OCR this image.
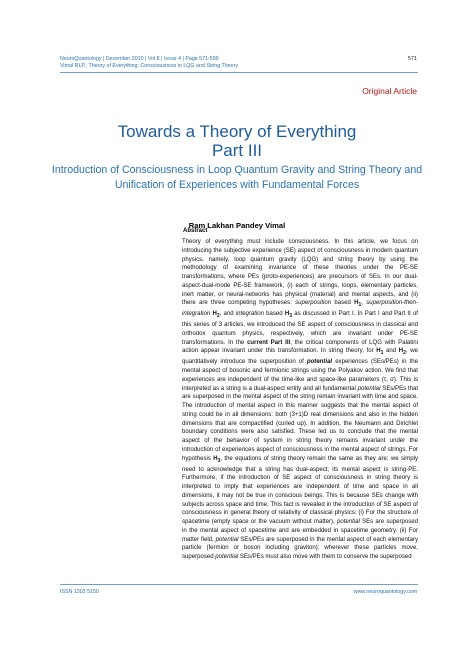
NeuroQuantology | December 2010 | Vol 8 | Issue 4 | Page 571-599
Vimal RLP., Theory of Everything: Consciousness in LQG and String Theory
571
Original Article
Towards a Theory of Everything
Part III
Introduction of Consciousness in Loop Quantum Gravity and String Theory and Unification of Experiences with Fundamental Forces
Ram Lakhan Pandey Vimal
Abstract

Theory of everything must include consciousness. In this article, we focus on introducing the subjective experience (SE) aspect of consciousness in modern quantum physics, namely, loop quantum gravity (LQG) and string theory by using the methodology of examining invariance of these theories under the PE-SE transformations, where PEs (proto-experiences) are precursors of SEs. In our dual-aspect-dual-mode PE-SE framework, (i) each of strings, loops, elementary particles, inert matter, or neural-networks has physical (material) and mental aspects, and (ii) there are three competing hypotheses: superposition based $H_1$, superposition-then-integration $H_2$, and integration based $H_3$ as discussed in Part I. In Part I and Part II of this series of 3 articles, we introduced the SE aspect of consciousness in classical and orthodox quantum physics, respectively, which are invariant under PE-SE transformations. In the current Part III, the critical components of LQG with Palatini action appear invariant under this transformation. In string theory, for $H_1$ and $H_2$, we quantitatively introduce the superposition of potential experiences (SEs/PEs) in the mental aspect of bosonic and fermionic strings using the Polyakov action. We find that experiences are independent of the time-like and space-like parameters (τ, σ). This is interpreted as a string is a dual-aspect entity and all fundamental potential SEs/PEs that are superposed in the mental aspect of the string remain invariant with time and space. The introduction of mental aspect in this manner suggests that the mental aspect of string could be in all dimensions: both (3+1)D real dimensions and also in the hidden dimensions that are compactified (curled up). In addition, the Neumann and Dirichlet boundary conditions were also satisfied. These led us to conclude that the mental aspect of the behavior of system in string theory remains invariant under the introduction of experiences aspect of consciousness in the mental aspect of strings. For hypothesis $H_3$, the equations of string theory remain the same as they are; we simply need to acknowledge that a string has dual-aspect; its mental aspect is string-PE. Furthermore, if the introduction of SE aspect of consciousness in string theory is interpreted to imply that experiences are independent of time and space in all dimensions, it may not be true in conscious beings. This is because SEs change with subjects across space and time. This fact is revealed in the introduction of SE aspect of consciousness in general theory of relativity of classical physics: (i) For the structure of spacetime (empty space or the vacuum without matter), potential SEs are superposed in the mental aspect of spacetime and are embedded in spacetime geometry. (ii) For matter field, potential SEs/PEs are superposed in the mental aspect of each elementary particle (fermion or boson including graviton); wherever these particles move, superposed potential SEs/PEs must also move with them to conserve the superposed

ISSN 1303 5150	www.neuroquantology.com
